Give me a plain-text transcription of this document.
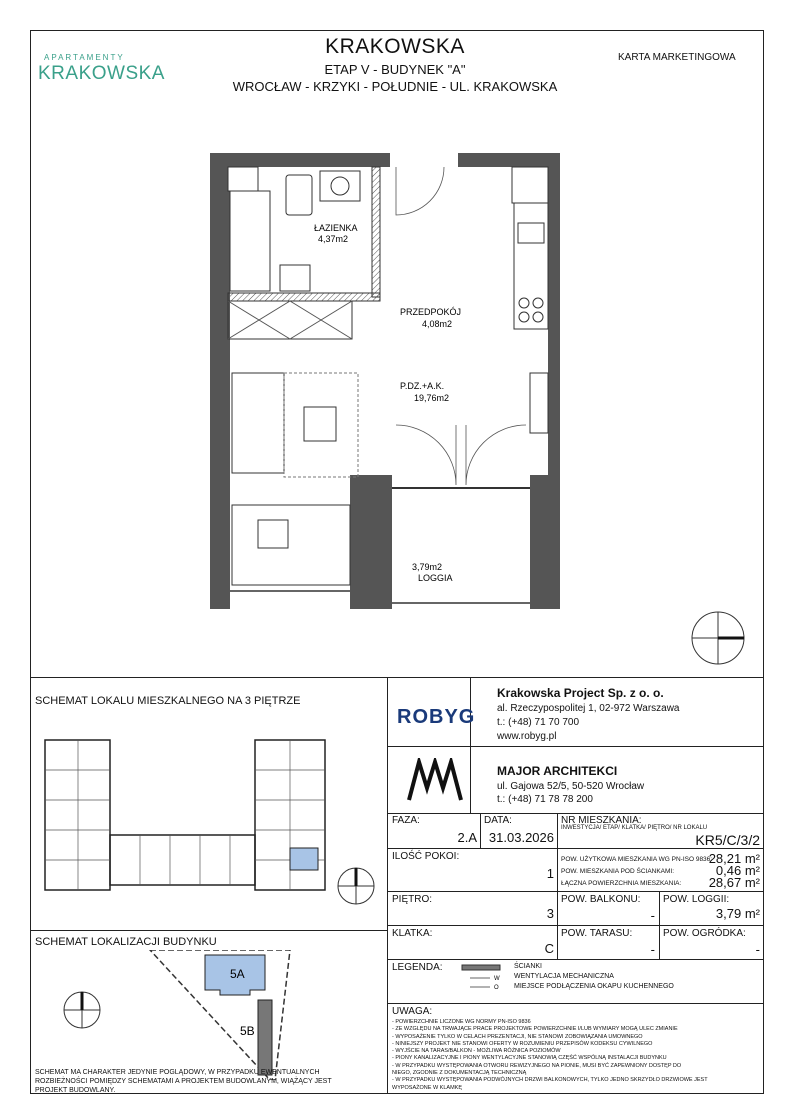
APARTAMENTY
KRAKOWSKA
KRAKOWSKA
ETAP V - BUDYNEK "A"
WROCŁAW - KRZYKI - POŁUDNIE - UL. KRAKOWSKA
KARTA MARKETINGOWA
ŁAZIENKA
4,37m2
PRZEDPOKÓJ
4,08m2
P.DZ.+A.K.
19,76m2
3,79m2
LOGGIA
SCHEMAT LOKALU MIESZKALNEGO NA 3 PIĘTRZE
SCHEMAT LOKALIZACJI BUDYNKU
5A
5B
SCHEMAT MA CHARAKTER JEDYNIE POGLĄDOWY, W PRZYPADKU EWENTUALNYCH ROZBIEŻNOŚCI POMIĘDZY SCHEMATAMI A PROJEKTEM BUDOWLANYM, WIĄŻĄCY JEST PROJEKT BUDOWLANY.
ROBYG
Krakowska Project Sp. z o. o.
al. Rzeczypospolitej 1, 02-972 Warszawa
t.: (+48) 71 70 700
www.robyg.pl
MAJOR ARCHITEKCI
ul. Gajowa 52/5, 50-520 Wrocław
t.: (+48) 71 78 78 200
FAZA:
2.A
DATA:
31.03.2026
NR MIESZKANIA:
INWESTYCJA/ ETAP/ KLATKA/ PIĘTRO/ NR LOKALU
KR5/C/3/2
ILOŚĆ POKOI:
1
POW. UŻYTKOWA MIESZKANIA WG PN-ISO 9836:
28,21 m²
POW. MIESZKANIA POD ŚCIANKAMI:	0,46 m²
ŁĄCZNA POWIERZCHNIA MIESZKANIA:	28,67 m²
PIĘTRO:
3
POW. BALKONU:
-
POW. LOGGII:
3,79 m²
KLATKA:
C
POW. TARASU:
-
POW. OGRÓDKA:
-
LEGENDA:
W
O
ŚCIANKI
WENTYLACJA MECHANICZNA
MIEJSCE PODŁĄCZENIA OKAPU KUCHENNEGO
UWAGA:
- POWIERZCHNIE LICZONE WG NORMY PN-ISO 9836
- ZE WZGLĘDU NA TRWAJĄCE PRACE PROJEKTOWE POWIERZCHNIE I/LUB WYMIARY MOGĄ ULEC ZMIANIE
- WYPOSAŻENIE TYLKO W CELACH PREZENTACJI, NIE STANOWI ZOBOWIĄZANIA UMOWNEGO
- NINIEJSZY PROJEKT NIE STANOWI OFERTY W ROZUMIENIU PRZEPISÓW KODEKSU CYWILNEGO
- WYJŚCIE NA TARAS/BALKON - MOŻLIWA RÓŻNICA POZIOMÓW
- PIONY KANALIZACYJNE I PIONY WENTYLACYJNE STANOWIĄ CZĘŚĆ WSPÓLNĄ INSTALACJI BUDYNKU
- W PRZYPADKU WYSTĘPOWANIA OTWORU REWIZYJNEGO NA PIONIE, MUSI BYĆ ZAPEWNIONY DOSTĘP DO
NIEGO, ZGODNIE Z DOKUMENTACJĄ TECHNICZNĄ
- W PRZYPADKU WYSTĘPOWANIA PODWÓJNYCH DRZWI BALKONOWYCH, TYLKO JEDNO SKRZYDŁO DRZWIOWE JEST
WYPOSAŻONE W KLAMKĘ
